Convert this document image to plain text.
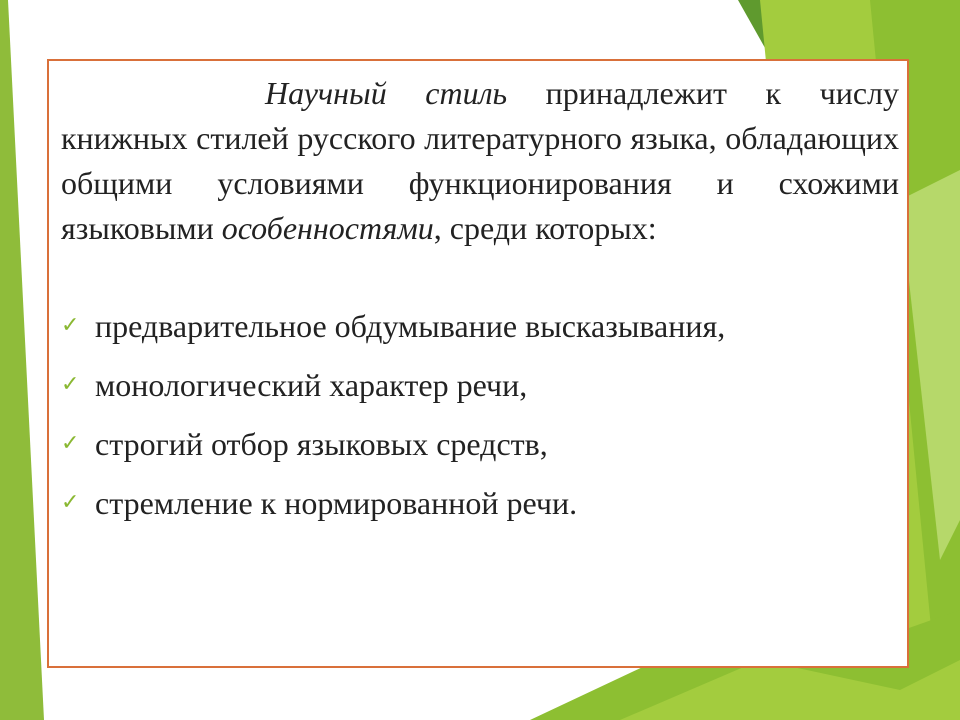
Научный стиль принадлежит к числу книжных стилей русского литературного языка, обладающих общими условиями функционирования и схожими языковыми особенностями, среди которых:

✓ предварительное обдумывание высказывания,
✓ монологический характер речи,
✓ строгий отбор языковых средств,
✓ стремление к нормированной речи.
